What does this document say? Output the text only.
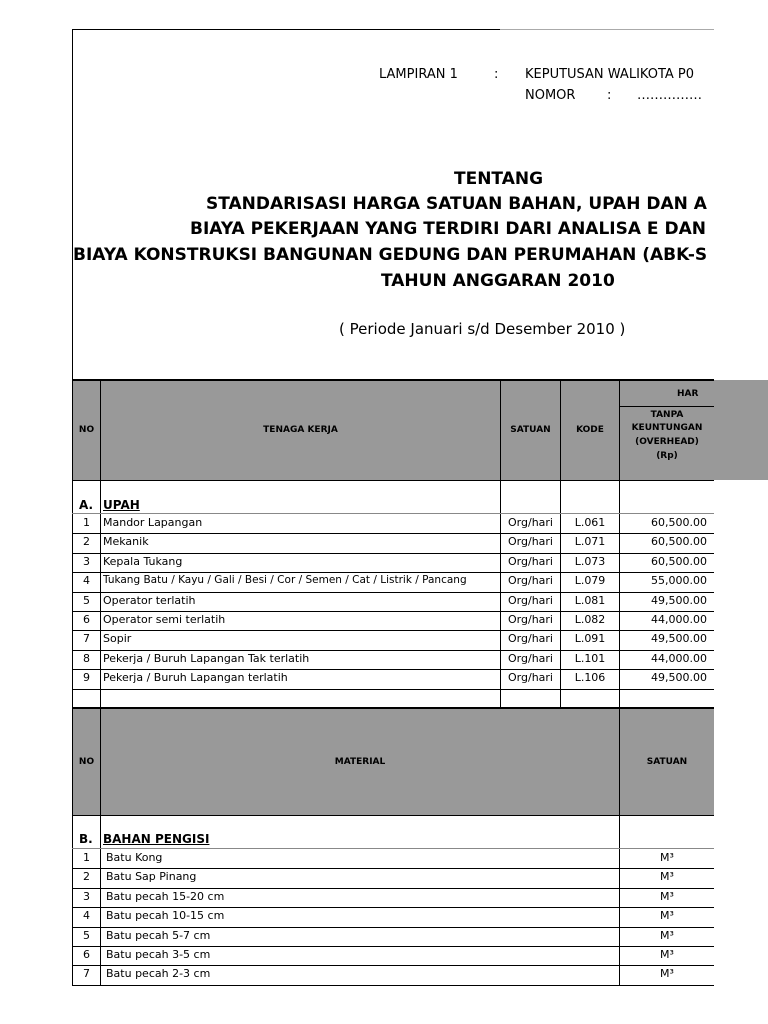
LAMPIRAN 1	: KEPUTUSAN WALIKOTA P0
NOMOR : ……………
TENTANG
STANDARISASI HARGA SATUAN BAHAN, UPAH DAN A
BIAYA PEKERJAAN YANG TERDIRI DARI ANALISA E DAN
BIAYA KONSTRUKSI BANGUNAN GEDUNG DAN PERUMAHAN (ABK-S
TAHUN ANGGARAN 2010
( Periode Januari s/d Desember 2010 )
NO	TENAGA KERJA	SATUAN	KODE
HAR
TANPA
KEUNTUNGAN
(OVERHEAD)
(Rp)
A. UPAH
1	Mandor Lapangan	Org/hari	L.061	60,500.00
2	Mekanik	Org/hari	L.071	60,500.00
3	Kepala Tukang	Org/hari	L.073	60,500.00
4	Tukang Batu / Kayu / Gali / Besi / Cor / Semen / Cat / Listrik / Pancang	Org/hari	L.079	55,000.00
5	Operator terlatih	Org/hari	L.081	49,500.00
6	Operator semi terlatih	Org/hari	L.082	44,000.00
7	Sopir	Org/hari	L.091	49,500.00
8	Pekerja / Buruh Lapangan Tak terlatih	Org/hari	L.101	44,000.00
9	Pekerja / Buruh Lapangan terlatih	Org/hari	L.106	49,500.00
NO	MATERIAL	SATUAN
B. BAHAN PENGISI
1	Batu Kong	M³
2	Batu Sap Pinang	M³
3	Batu pecah 15-20 cm	M³
4	Batu pecah 10-15 cm	M³
5	Batu pecah 5-7 cm	M³
6	Batu pecah 3-5 cm	M³
7	Batu pecah 2-3 cm	M³
